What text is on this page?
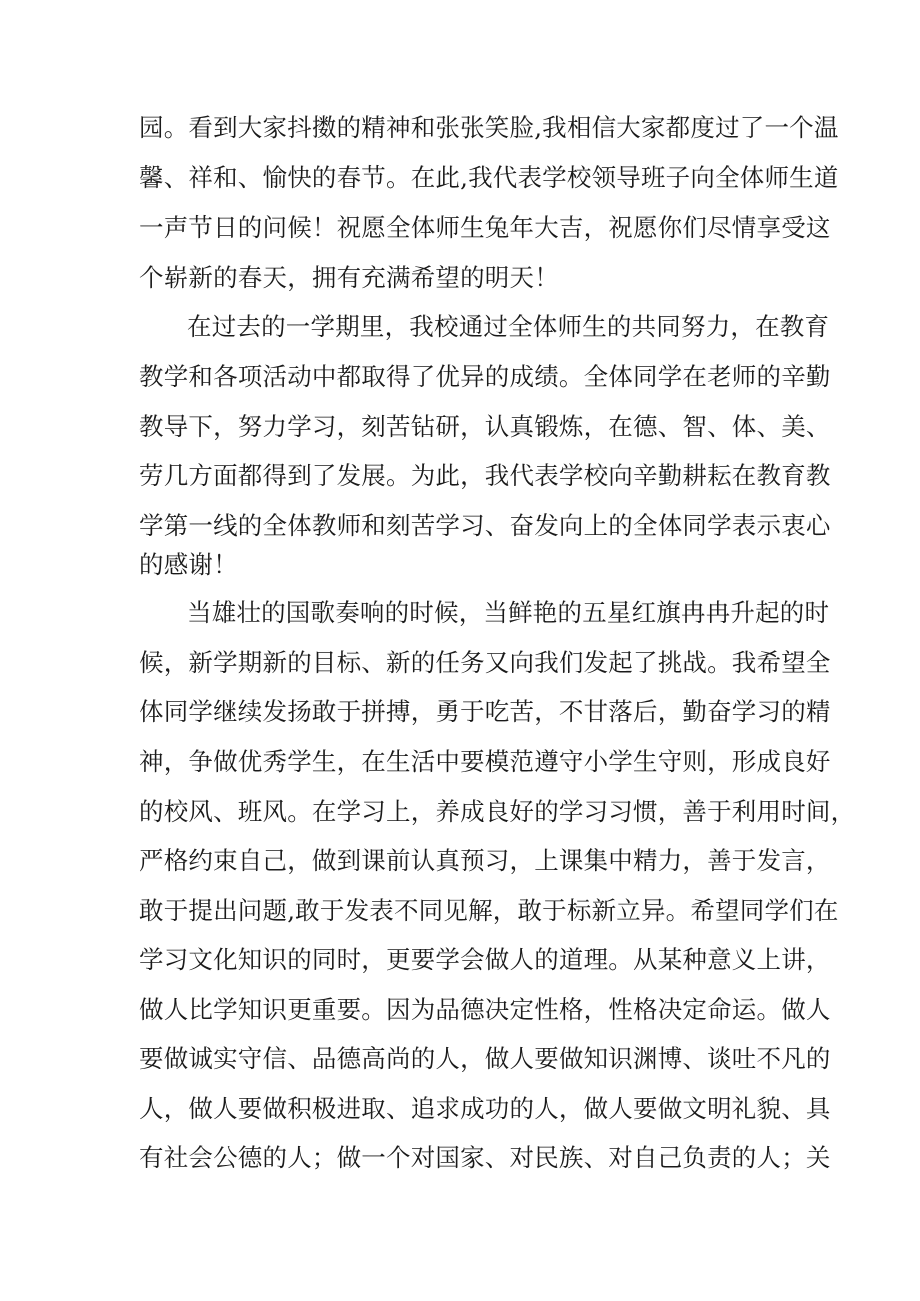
园。看到大家抖擞的精神和张张笑脸,我相信大家都度过了一个温
馨、祥和、愉快的春节。在此,我代表学校领导班子向全体师生道
一声节日的问候！祝愿全体师生兔年大吉，祝愿你们尽情享受这
个崭新的春天，拥有充满希望的明天！
在过去的一学期里，我校通过全体师生的共同努力，在教育
教学和各项活动中都取得了优异的成绩。全体同学在老师的辛勤
教导下，努力学习，刻苦钻研，认真锻炼，在德、智、体、美、
劳几方面都得到了发展。为此，我代表学校向辛勤耕耘在教育教
学第一线的全体教师和刻苦学习、奋发向上的全体同学表示衷心
的感谢！
当雄壮的国歌奏响的时候，当鲜艳的五星红旗冉冉升起的时
候，新学期新的目标、新的任务又向我们发起了挑战。我希望全
体同学继续发扬敢于拼搏，勇于吃苦，不甘落后，勤奋学习的精
神，争做优秀学生，在生活中要模范遵守小学生守则，形成良好
的校风、班风。在学习上，养成良好的学习习惯，善于利用时间，
严格约束自己，做到课前认真预习，上课集中精力，善于发言，
敢于提出问题,敢于发表不同见解，敢于标新立异。希望同学们在
学习文化知识的同时，更要学会做人的道理。从某种意义上讲，
做人比学知识更重要。因为品德决定性格，性格决定命运。做人
要做诚实守信、品德高尚的人，做人要做知识渊博、谈吐不凡的
人，做人要做积极进取、追求成功的人，做人要做文明礼貌、具
有社会公德的人；做一个对国家、对民族、对自己负责的人；关
